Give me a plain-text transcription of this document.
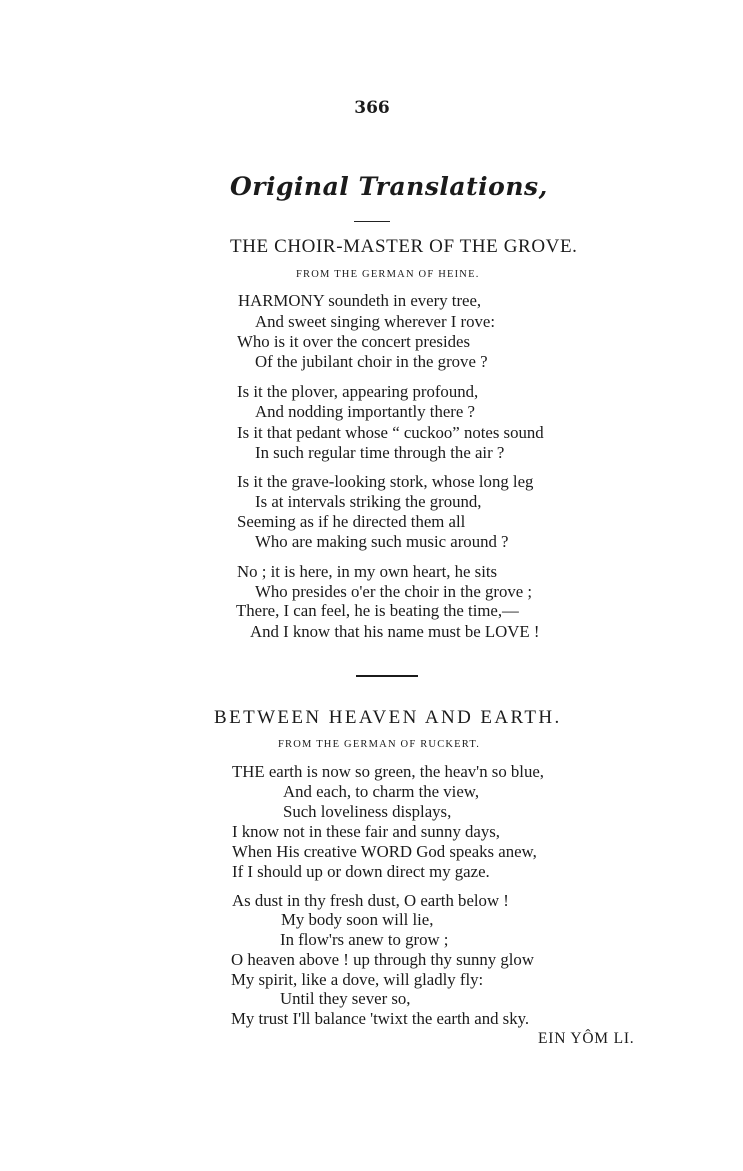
366
Original Translations,
THE CHOIR-MASTER OF THE GROVE.
FROM THE GERMAN OF HEINE.
HARMONY soundeth in every tree,
And sweet singing wherever I rove:
Who is it over the concert presides
Of the jubilant choir in the grove ?
Is it the plover, appearing profound,
And nodding importantly there ?
Is it that pedant whose “ cuckoo” notes sound
In such regular time through the air ?
Is it the grave-looking stork, whose long leg
Is at intervals striking the ground,
Seeming as if he directed them all
Who are making such music around ?
No ; it is here, in my own heart, he sits
Who presides o'er the choir in the grove ;
There, I can feel, he is beating the time,—
And I know that his name must be LOVE !
BETWEEN HEAVEN AND EARTH.
FROM THE GERMAN OF RUCKERT.
THE earth is now so green, the heav'n so blue,
And each, to charm the view,
Such loveliness displays,
I know not in these fair and sunny days,
When His creative WORD God speaks anew,
If I should up or down direct my gaze.
As dust in thy fresh dust, O earth below !
My body soon will lie,
In flow'rs anew to grow ;
O heaven above ! up through thy sunny glow
My spirit, like a dove, will gladly fly:
Until they sever so,
My trust I'll balance 'twixt the earth and sky.
EIN YÔM LI.
